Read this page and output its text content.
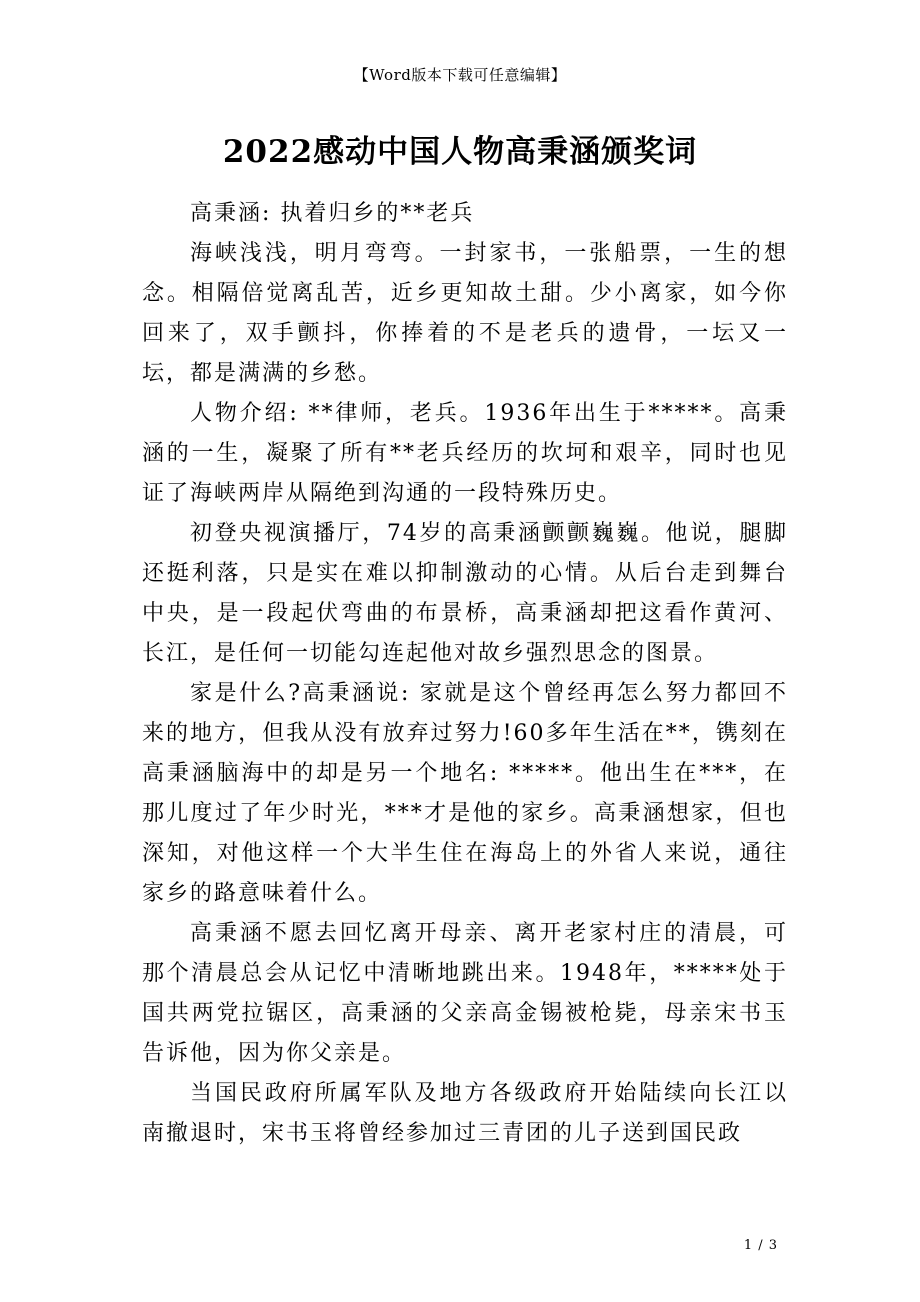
【Word版本下载可任意编辑】
2022感动中国人物高秉涵颁奖词

高秉涵: 执着归乡的**老兵

海峡浅浅，明月弯弯。一封家书，一张船票，一生的想念。相隔倍觉离乱苦，近乡更知故土甜。少小离家，如今你回来了，双手颤抖，你捧着的不是老兵的遗骨，一坛又一坛，都是满满的乡愁。

人物介绍: **律师，老兵。1936年出生于*****。高秉涵的一生，凝聚了所有**老兵经历的坎坷和艰辛，同时也见证了海峡两岸从隔绝到沟通的一段特殊历史。

初登央视演播厅，74岁的高秉涵颤颤巍巍。他说，腿脚还挺利落，只是实在难以抑制激动的心情。从后台走到舞台中央，是一段起伏弯曲的布景桥，高秉涵却把这看作黄河、长江，是任何一切能勾连起他对故乡强烈思念的图景。

家是什么?高秉涵说: 家就是这个曾经再怎么努力都回不来的地方，但我从没有放弃过努力!60多年生活在**，镌刻在高秉涵脑海中的却是另一个地名: *****。他出生在***，在那儿度过了年少时光，***才是他的家乡。高秉涵想家，但也深知，对他这样一个大半生住在海岛上的外省人来说，通往家乡的路意味着什么。

高秉涵不愿去回忆离开母亲、离开老家村庄的清晨，可那个清晨总会从记忆中清晰地跳出来。1948年，*****处于国共两党拉锯区，高秉涵的父亲高金锡被枪毙，母亲宋书玉告诉他，因为你父亲是。

当国民政府所属军队及地方各级政府开始陆续向长江以南撤退时，宋书玉将曾经参加过三青团的儿子送到国民政

1 / 3
